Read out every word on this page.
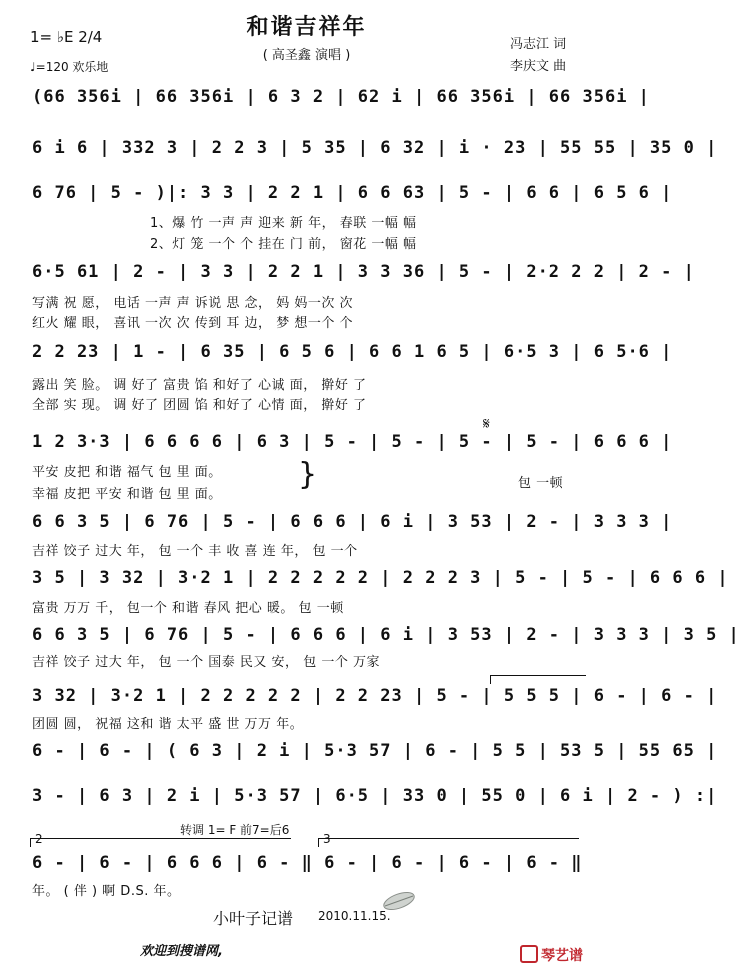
和谐吉祥年
( 高圣鑫 演唱 )
1= ♭E 2/4
♩=120 欢乐地
冯志江 词
李庆文 曲
(66 356i | 66 356i | 6 3 2 | 62 i | 66 356i | 66 356i |
6 i 6 | 332 3 | 2 2 3 | 5 35 | 6 32 | i · 23 | 55 55 | 35 0 |
6 76 | 5 - )|: 3 3 | 2 2 1 | 6 6 63 | 5 - | 6 6 | 6 5 6 |
1、爆 竹 一声 声 迎来 新 年， 春联 一幅 幅
2、灯 笼 一个 个 挂在 门 前， 窗花 一幅 幅
6·5 61 | 2 - | 3 3 | 2 2 1 | 3 3 36 | 5 - | 2·2 2 2 | 2 - |
写满 祝 愿， 电话 一声 声 诉说 思 念， 妈 妈一次 次
红火 耀 眼， 喜讯 一次 次 传到 耳 边， 梦 想一个 个
2 2 23 | 1 - | 6 35 | 6 5 6 | 6 6 1 6 5 | 6·5 3 | 6 5·6 |
露出 笑 脸。 调 好了 富贵 馅 和好了 心诚 面， 擀好 了
全部 实 现。 调 好了 团圆 馅 和好了 心情 面， 擀好 了
1 2 3·3 | 6 6 6 6 | 6 3 | 5 - | 5 - | 5 - | 5 - | 6 6 6 |
𝄋
平安 皮把 和谐 福气 包 里 面。
幸福 皮把 平安 和谐 包 里 面。
}	包 一顿
6 6 3 5 | 6 76 | 5 - | 6 6 6 | 6 i | 3 53 | 2 - | 3 3 3 |
吉祥 饺子 过大 年， 包 一个 丰 收 喜 连 年， 包 一个
3 5 | 3 32 | 3·2 1 | 2 2 2 2 2 | 2 2 2 3 | 5 - | 5 - | 6 6 6 |
富贵 万万 千， 包一个 和谐 春风 把心 暖。 包 一顿
6 6 3 5 | 6 76 | 5 - | 6 6 6 | 6 i | 3 53 | 2 - | 3 3 3 | 3 5 |
吉祥 饺子 过大 年， 包 一个 国泰 民又 安， 包 一个 万家
3 32 | 3·2 1 | 2 2 2 2 2 | 2 2 23 | 5 - | 5 5 5 | 6 - | 6 - |
团圆 圆， 祝福 这和 谐 太平 盛 世 万万 年。
6 - | 6 - | ( 6 3 | 2 i | 5·3 57 | 6 - | 5 5 | 53 5 | 55 65 |
3 - | 6 3 | 2 i | 5·3 57 | 6·5 | 33 0 | 55 0 | 6 i | 2 - ) :|
转调 1= F 前7=后6
2	3
6 - | 6 - | 6 6 6 | 6 - ‖ 6 - | 6 - | 6 - | 6 - ‖
年。 ( 伴 ) 啊 D.S. 年。
小叶子记谱 2010.11.15.
欢迎到搜谱网,	琴艺谱
